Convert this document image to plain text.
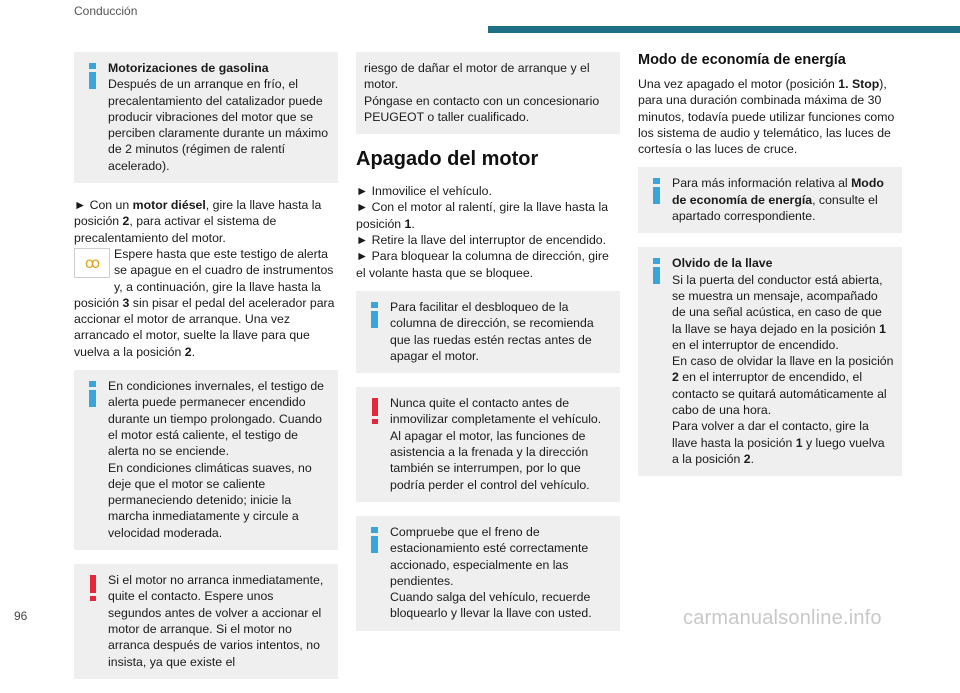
Conducción
Motorizaciones de gasolina
Después de un arranque en frío, el precalentamiento del catalizador puede producir vibraciones del motor que se perciben claramente durante un máximo de 2 minutos (régimen de ralentí acelerado).

► Con un motor diésel, gire la llave hasta la posición 2, para activar el sistema de precalentamiento del motor.

ꝏ	Espere hasta que este testigo de alerta se apague en el cuadro de instrumentos y, a continuación, gire la llave hasta la posición 3 sin pisar el pedal del acelerador para accionar el motor de arranque. Una vez arrancado el motor, suelte la llave para que vuelva a la posición 2.

En condiciones invernales, el testigo de alerta puede permanecer encendido durante un tiempo prolongado. Cuando el motor está caliente, el testigo de alerta no se enciende.
En condiciones climáticas suaves, no deje que el motor se caliente permaneciendo detenido; inicie la marcha inmediatamente y circule a velocidad moderada.
Si el motor no arranca inmediatamente, quite el contacto. Espere unos segundos antes de volver a accionar el motor de arranque. Si el motor no arranca después de varios intentos, no insista, ya que existe el

riesgo de dañar el motor de arranque y el motor.

Póngase en contacto con un concesionario PEUGEOT o taller cualificado.

Apagado del motor

► Inmovilice el vehículo.

► Con el motor al ralentí, gire la llave hasta la posición 1.

► Retire la llave del interruptor de encendido.

► Para bloquear la columna de dirección, gire el volante hasta que se bloquee.

Para facilitar el desbloqueo de la columna de dirección, se recomienda que las ruedas estén rectas antes de apagar el motor.
Nunca quite el contacto antes de inmovilizar completamente el vehículo. Al apagar el motor, las funciones de asistencia a la frenada y la dirección también se interrumpen, por lo que podría perder el control del vehículo.
Compruebe que el freno de estacionamiento esté correctamente accionado, especialmente en las pendientes.
Cuando salga del vehículo, recuerde bloquearlo y llevar la llave con usted.
Modo de economía de energía

Una vez apagado el motor (posición 1. Stop), para una duración combinada máxima de 30 minutos, todavía puede utilizar funciones como los sistema de audio y telemático, las luces de cortesía o las luces de cruce.

Para más información relativa al Modo de economía de energía, consulte el apartado correspondiente.
Olvido de la llave
Si la puerta del conductor está abierta, se muestra un mensaje, acompañado de una señal acústica, en caso de que la llave se haya dejado en la posición 1 en el interruptor de encendido.
En caso de olvidar la llave en la posición 2 en el interruptor de encendido, el contacto se quitará automáticamente al cabo de una hora.
Para volver a dar el contacto, gire la llave hasta la posición 1 y luego vuelva a la posición 2.
96	carmanualsonline.info
